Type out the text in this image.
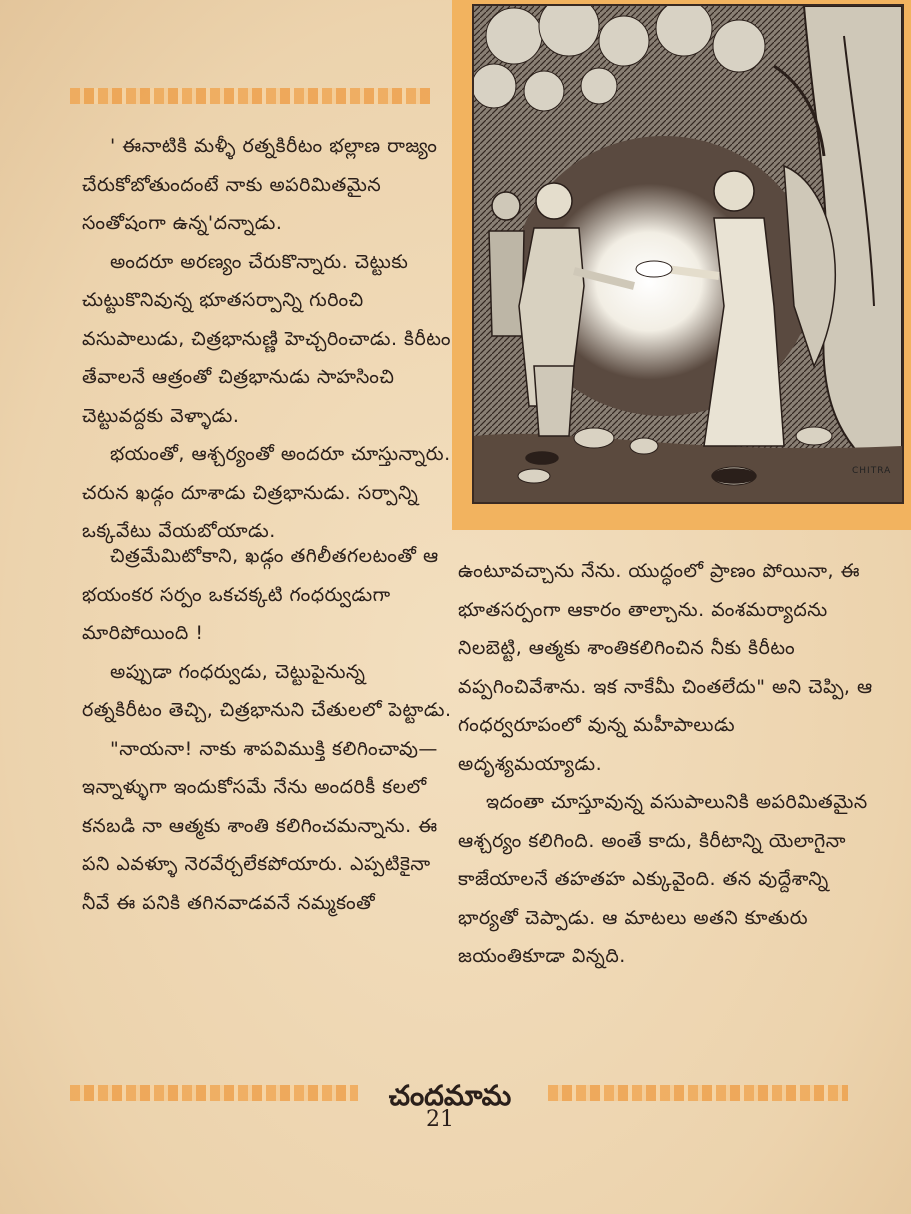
CHITRA

' ఈనాటికి మళ్ళీ రత్నకిరీటం భల్లాణ రాజ్యం చేరుకోబోతుందంటే నాకు అపరిమితమైన సంతోషంగా ఉన్న'దన్నాడు.

అందరూ అరణ్యం చేరుకొన్నారు. చెట్టుకు చుట్టుకొనివున్న భూతసర్పాన్ని గురించి వసుపాలుడు, చిత్రభానుణ్ణి హెచ్చరించాడు. కిరీటం తేవాలనే ఆత్రంతో చిత్రభానుడు సాహసించి చెట్టువద్దకు వెళ్ళాడు.

భయంతో, ఆశ్చర్యంతో అందరూ చూస్తున్నారు. చరున ఖడ్గం దూశాడు చిత్రభానుడు. సర్పాన్ని ఒక్కవేటు వేయబోయాడు.

చిత్రమేమిటోకాని, ఖడ్గం తగిలీతగలటంతో ఆ భయంకర సర్పం ఒకచక్కటి గంధర్వుడుగా మారిపోయింది !

అప్పుడా గంధర్వుడు, చెట్టుపైనున్న రత్నకిరీటం తెచ్చి, చిత్రభానుని చేతులలో పెట్టాడు.

"నాయనా! నాకు శాపవిముక్తి కలిగించావు—ఇన్నాళ్ళుగా ఇందుకోసమే నేను అందరికీ కలలో కనబడి నా ఆత్మకు శాంతి కలిగించమన్నాను. ఈ పని ఎవళ్ళూ నెరవేర్చలేకపోయారు. ఎప్పటికైనా నీవే ఈ పనికి తగినవాడవనే నమ్మకంతో

ఉంటూవచ్చాను నేను. యుద్ధంలో ప్రాణం పోయినా, ఈ భూతసర్పంగా ఆకారం తాల్చాను. వంశమర్యాదను నిలబెట్టి, ఆత్మకు శాంతికలిగించిన నీకు కిరీటం వప్పగించివేశాను. ఇక నాకేమీ చింతలేదు" అని చెప్పి, ఆ గంధర్వరూపంలో వున్న మహీపాలుడు అదృశ్యమయ్యాడు.

ఇదంతా చూస్తూవున్న వసుపాలునికి అపరిమితమైన ఆశ్చర్యం కలిగింది. అంతే కాదు, కిరీటాన్ని యెలాగైనా కాజేయాలనే తహతహ ఎక్కువైంది. తన వుద్దేశాన్ని భార్యతో చెప్పాడు. ఆ మాటలు అతని కూతురు జయంతికూడా విన్నది.

చందమామ
21
